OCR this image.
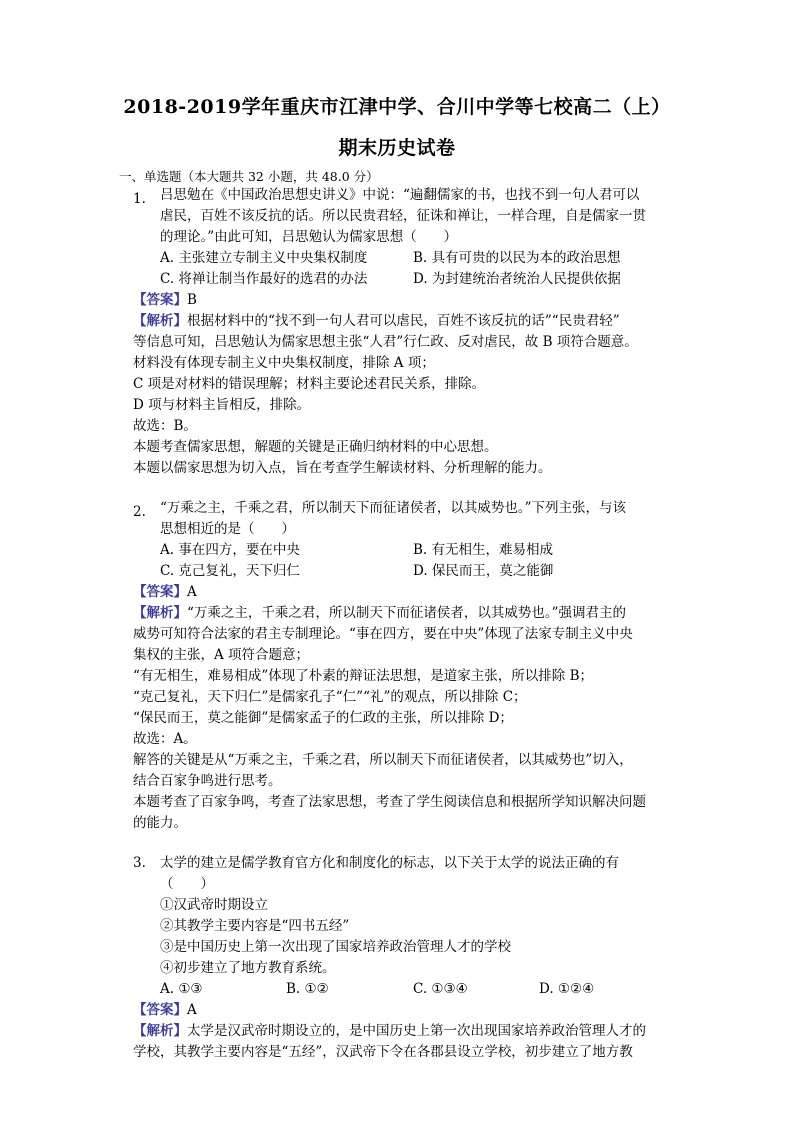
2018-2019学年重庆市江津中学、合川中学等七校高二（上）
期末历史试卷
一、单选题（本大题共 32 小题，共 48.0 分）
1. 吕思勉在《中国政治思想史讲义》中说：“遍翻儒家的书，也找不到一句人君可以
虐民，百姓不该反抗的话。所以民贵君轻，征诛和禅让，一样合理，自是儒家一贯
的理论。”由此可知，吕思勉认为儒家思想（　　）
A. 主张建立专制主义中央集权制度	B. 具有可贵的以民为本的政治思想
C. 将禅让制当作最好的选君的办法	D. 为封建统治者统治人民提供依据
【答案】B
【解析】根据材料中的“找不到一句人君可以虐民，百姓不该反抗的话”“民贵君轻”
等信息可知，吕思勉认为儒家思想主张“人君”行仁政、反对虐民，故 B 项符合题意。
材料没有体现专制主义中央集权制度，排除 A 项；
C 项是对材料的错误理解；材料主要论述君民关系，排除。
D 项与材料主旨相反，排除。
故选：B。
本题考查儒家思想，解题的关键是正确归纳材料的中心思想。
本题以儒家思想为切入点，旨在考查学生解读材料、分析理解的能力。
2. “万乘之主，千乘之君，所以制天下而征诸侯者，以其威势也。”下列主张，与该
思想相近的是（　　）
A. 事在四方，要在中央	B. 有无相生，难易相成
C. 克己复礼，天下归仁	D. 保民而王，莫之能御
【答案】A
【解析】“万乘之主，千乘之君，所以制天下而征诸侯者，以其威势也。”强调君主的
威势可知符合法家的君主专制理论。“事在四方，要在中央”体现了法家专制主义中央
集权的主张，A 项符合题意；
“有无相生，难易相成”体现了朴素的辩证法思想，是道家主张，所以排除 B；
“克己复礼，天下归仁”是儒家孔子“仁”“礼”的观点，所以排除 C；
“保民而王，莫之能御”是儒家孟子的仁政的主张，所以排除 D；
故选：A。
解答的关键是从“万乘之主，千乘之君，所以制天下而征诸侯者，以其威势也”切入，
结合百家争鸣进行思考。
本题考查了百家争鸣，考查了法家思想，考查了学生阅读信息和根据所学知识解决问题
的能力。
3. 太学的建立是儒学教育官方化和制度化的标志，以下关于太学的说法正确的有
（　　）
①汉武帝时期设立
②其教学主要内容是“四书五经”
③是中国历史上第一次出现了国家培养政治管理人才的学校
④初步建立了地方教育系统。
A. ①③	B. ①②	C. ①③④	D. ①②④
【答案】A
【解析】太学是汉武帝时期设立的，是中国历史上第一次出现国家培养政治管理人才的
学校，其教学主要内容是“五经”，汉武帝下令在各郡县设立学校，初步建立了地方教
